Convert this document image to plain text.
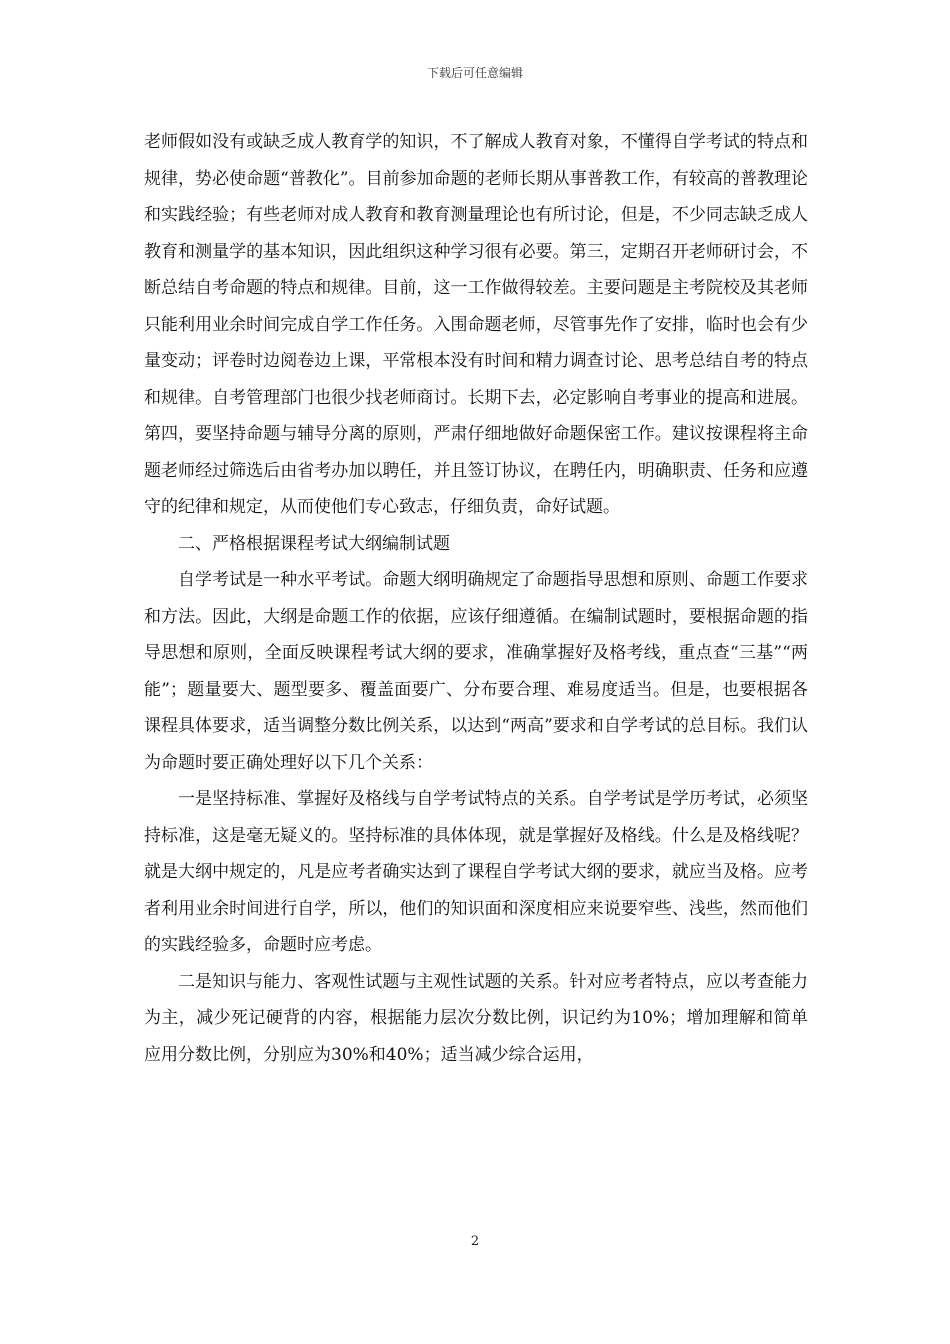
下载后可任意编辑

老师假如没有或缺乏成人教育学的知识，不了解成人教育对象，不懂得自学考试的特点和规律，势必使命题“普教化”。目前参加命题的老师长期从事普教工作，有较高的普教理论和实践经验；有些老师对成人教育和教育测量理论也有所讨论，但是，不少同志缺乏成人教育和测量学的基本知识，因此组织这种学习很有必要。第三，定期召开老师研讨会，不断总结自考命题的特点和规律。目前，这一工作做得较差。主要问题是主考院校及其老师只能利用业余时间完成自学工作任务。入围命题老师，尽管事先作了安排，临时也会有少量变动；评卷时边阅卷边上课，平常根本没有时间和精力调查讨论、思考总结自考的特点和规律。自考管理部门也很少找老师商讨。长期下去，必定影响自考事业的提高和进展。第四，要坚持命题与辅导分离的原则，严肃仔细地做好命题保密工作。建议按课程将主命题老师经过筛选后由省考办加以聘任，并且签订协议，在聘任内，明确职责、任务和应遵守的纪律和规定，从而使他们专心致志，仔细负责，命好试题。

二、严格根据课程考试大纲编制试题

自学考试是一种水平考试。命题大纲明确规定了命题指导思想和原则、命题工作要求和方法。因此，大纲是命题工作的依据，应该仔细遵循。在编制试题时，要根据命题的指导思想和原则，全面反映课程考试大纲的要求，准确掌握好及格考线，重点查“三基”“两能”；题量要大、题型要多、覆盖面要广、分布要合理、难易度适当。但是，也要根据各课程具体要求，适当调整分数比例关系，以达到“两高”要求和自学考试的总目标。我们认为命题时要正确处理好以下几个关系：

一是坚持标准、掌握好及格线与自学考试特点的关系。自学考试是学历考试，必须坚持标准，这是毫无疑义的。坚持标准的具体体现，就是掌握好及格线。什么是及格线呢？就是大纲中规定的，凡是应考者确实达到了课程自学考试大纲的要求，就应当及格。应考者利用业余时间进行自学，所以，他们的知识面和深度相应来说要窄些、浅些，然而他们的实践经验多，命题时应考虑。

二是知识与能力、客观性试题与主观性试题的关系。针对应考者特点，应以考查能力为主，减少死记硬背的内容，根据能力层次分数比例，识记约为10%；增加理解和简单应用分数比例，分别应为30%和40%；适当减少综合运用，

2
